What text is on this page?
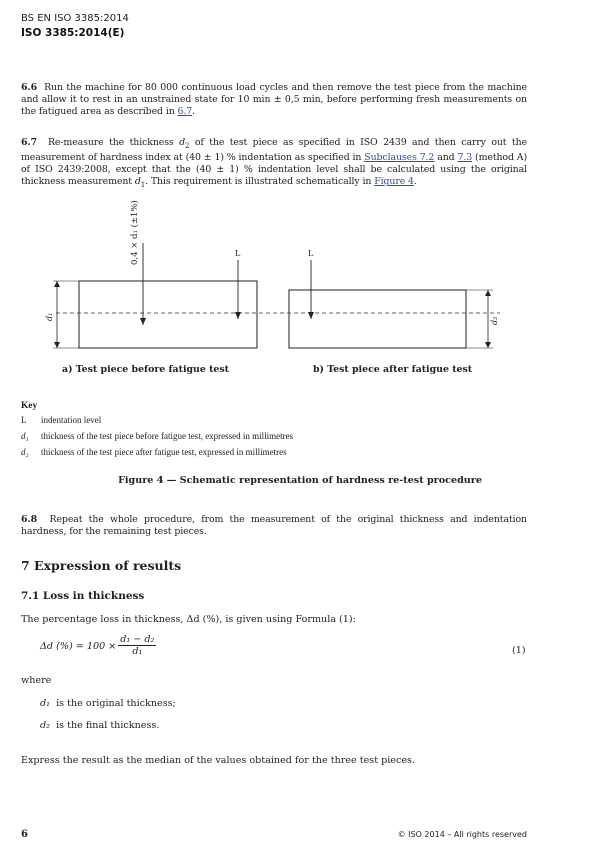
BS EN ISO 3385:2014
ISO 3385:2014(E)
6.6 Run the machine for 80 000 continuous load cycles and then remove the test piece from the machine and allow it to rest in an unstrained state for 10 min ± 0,5 min, before performing fresh measurements on the fatigued area as described in 6.7.
6.7 Re-measure the thickness $d_2$ of the test piece as specified in ISO 2439 and then carry out the measurement of hardness index at (40 ± 1) % indentation as specified in Subclauses 7.2 and 7.3 (method A) of ISO 2439:2008, except that the (40 ± 1) % indentation level shall be calculated using the original thickness measurement $d_1$. This requirement is illustrated schematically in Figure 4.
0,4 × d₁ (±1%)	L	L
d₁	d₂
a) Test piece before fatigue test	b) Test piece after fatigue test
Key
L	indentation level
d₁	thickness of the test piece before fatigue test, expressed in millimetres
d₂	thickness of the test piece after fatigue test, expressed in millimetres
Figure 4 — Schematic representation of hardness re-test procedure
6.8 Repeat the whole procedure, from the measurement of the original thickness and indentation hardness, for the remaining test pieces.
7 Expression of results
7.1 Loss in thickness
The percentage loss in thickness, Δd (%), is given using Formula (1):
Δd (%) = $100 \times \frac{\text{d₁ − d₂}}{\text{d₁}}$	(1)
where
d₁ is the original thickness;
d₂ is the final thickness.
Express the result as the median of the values obtained for the three test pieces.
6	© ISO 2014 – All rights reserved
